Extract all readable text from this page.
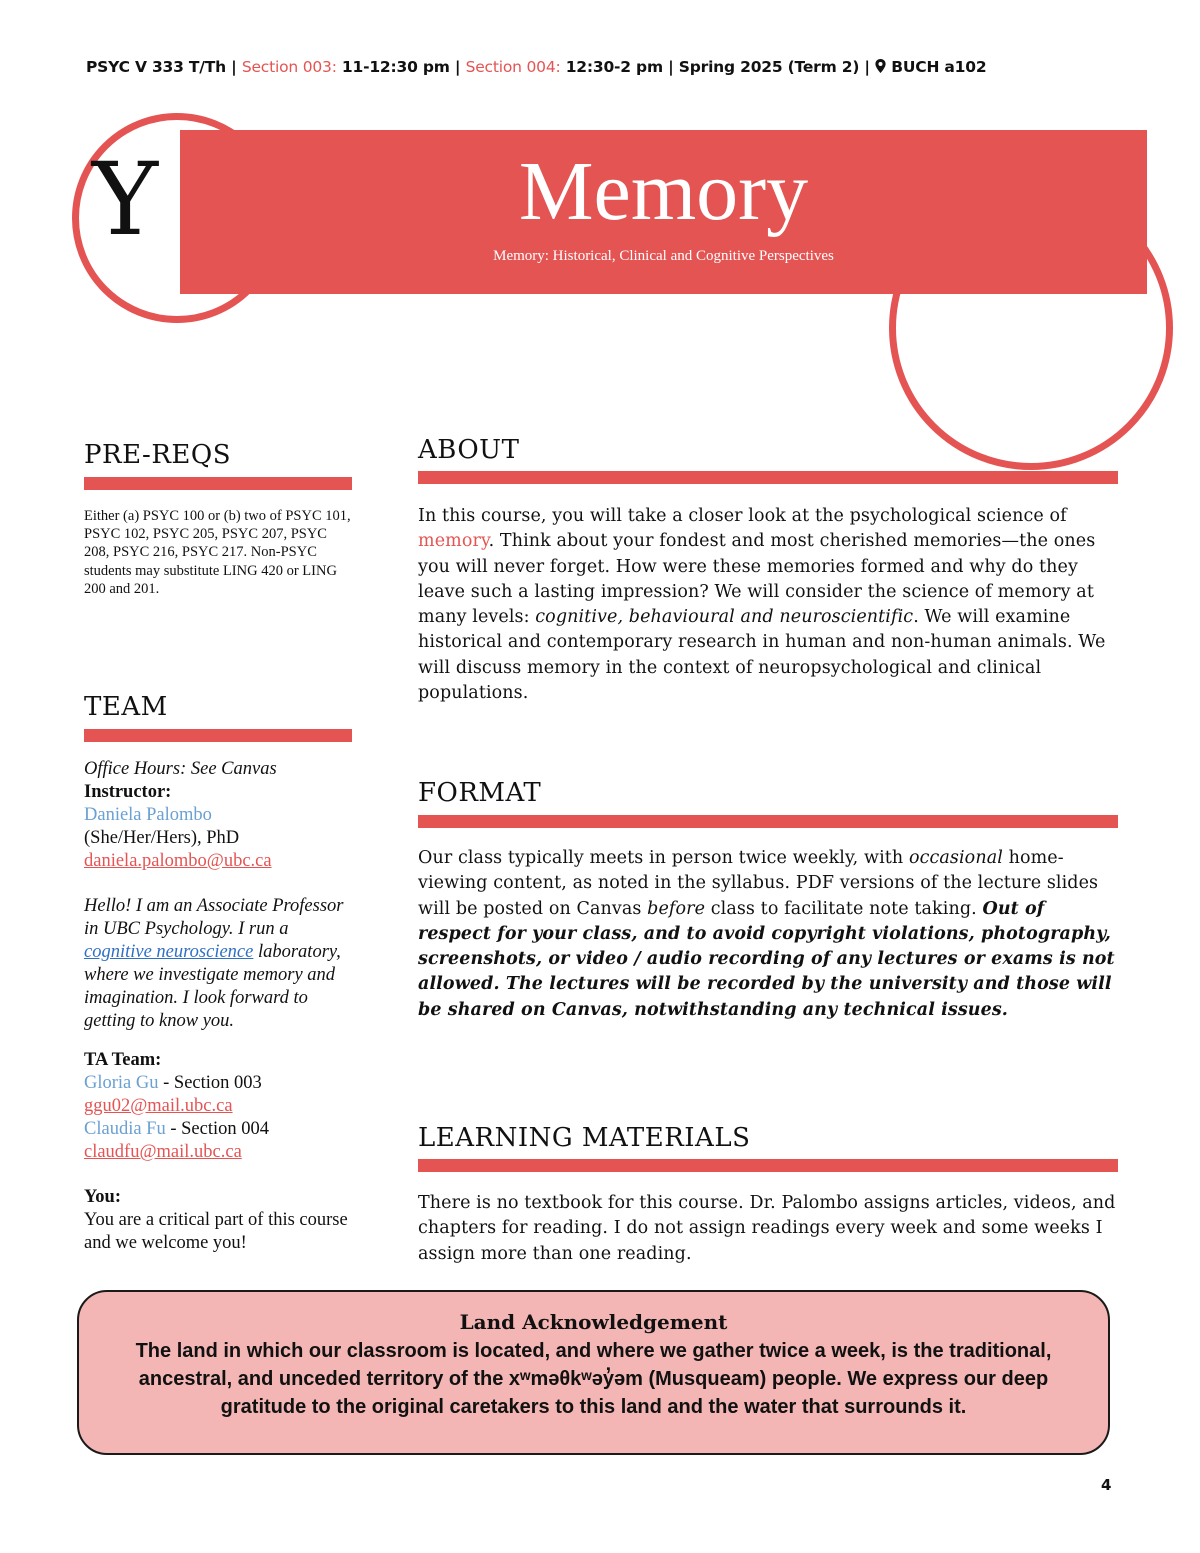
PSYC V 333 T/Th | Section 003: 11-12:30 pm | Section 004: 12:30-2 pm | Spring 2025 (Term 2) |  BUCH a102
Y	Memory
Memory: Historical, Clinical and Cognitive Perspectives
PRE-REQS
Either (a) PSYC 100 or (b) two of PSYC 101, PSYC 102, PSYC 205, PSYC 207, PSYC 208, PSYC 216, PSYC 217. Non-PSYC students may substitute LING 420 or LING 200 and 201.
TEAM
Office Hours: See Canvas
Instructor:
Daniela Palombo
(She/Her/Hers), PhD
daniela.palombo@ubc.ca
Hello! I am an Associate Professor in UBC Psychology. I run a cognitive neuroscience laboratory, where we investigate memory and imagination. I look forward to getting to know you.
TA Team:
Gloria Gu - Section 003
ggu02@mail.ubc.ca
Claudia Fu - Section 004
claudfu@mail.ubc.ca
You:
You are a critical part of this course and we welcome you!
ABOUT
In this course, you will take a closer look at the psychological science of memory. Think about your fondest and most cherished memories—the ones you will never forget. How were these memories formed and why do they leave such a lasting impression? We will consider the science of memory at many levels: cognitive, behavioural and neuroscientific. We will examine historical and contemporary research in human and non-human animals. We will discuss memory in the context of neuropsychological and clinical populations.
FORMAT
Our class typically meets in person twice weekly, with occasional home-viewing content, as noted in the syllabus. PDF versions of the lecture slides will be posted on Canvas before class to facilitate note taking. Out of respect for your class, and to avoid copyright violations, photography, screenshots, or video / audio recording of any lectures or exams is not allowed. The lectures will be recorded by the university and those will be shared on Canvas, notwithstanding any technical issues.
LEARNING MATERIALS
There is no textbook for this course. Dr. Palombo assigns articles, videos, and chapters for reading. I do not assign readings every week and some weeks I assign more than one reading.
Land Acknowledgement
The land in which our classroom is located, and where we gather twice a week, is the traditional, ancestral, and unceded territory of the xʷməθkʷəy̓əm (Musqueam) people. We express our deep gratitude to the original caretakers to this land and the water that surrounds it.
4
